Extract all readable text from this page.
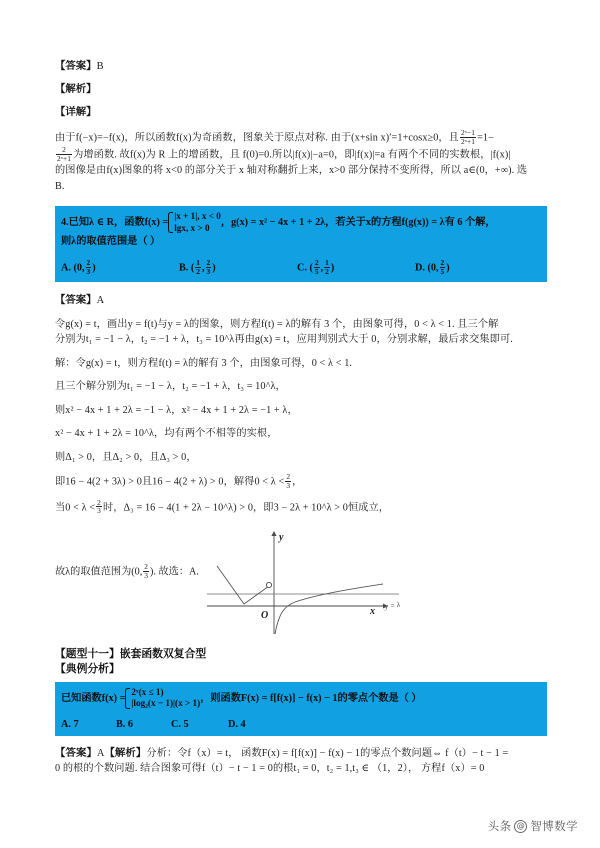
【答案】B
【解析】
【详解】
由于f(−x)=−f(x)，所以函数f(x)为奇函数，图象关于原点对称. 由于(x+sin x)′=1+cosx≥0，且 $\frac{\text{2ˣ−1}}{\text{2ˣ+1}} =1-$
$\frac{2}{\text{2ˣ+1}}$ 为增函数. 故f(x)为 R 上的增函数，且 f(0)=0.所以|f(x)|−a=0，即|f(x)|=a 有两个不同的实数根，|f(x)|
的图像是由f(x)图象的将 x<0 的部分关于 x 轴对称翻折上来，x>0 部分保持不变所得，所以 a∈(0，+∞). 选
B.
4.已知λ ∈ R，函数f(x) =
|x + 1|, x < 0
lgx, x > 0	，g(x) = x² − 4x + 1 + 2λ，若关于x的方程f(g(x)) = λ有 6 个解，
则λ的取值范围是（ ）
A. (0, $\frac{2}{3}$ )	B. ( $\frac{1}{2}$ , $\frac{2}{3}$ )	C. ( $\frac{2}{5}$ , $\frac{1}{2}$ )	D. (0, $\frac{2}{5}$ )
【答案】A
令g(x) = t，画出y = f(t)与y = λ的图象，则方程f(t) = λ的解有 3 个，由图象可得，0 < λ < 1. 且三个解
分别为t₁ = −1 − λ，t₂ = −1 + λ，t₃ = 10^λ再由g(x) = t，应用判别式大于 0，分别求解，最后求交集即可.
解：令g(x) = t，则方程f(t) = λ的解有 3 个，由图象可得，0 < λ < 1.
且三个解分别为t₁ = −1 − λ，t₂ = −1 + λ，t₃ = 10^λ，
则x² − 4x + 1 + 2λ = −1 − λ，x² − 4x + 1 + 2λ = −1 + λ，
x² − 4x + 1 + 2λ = 10^λ，均有两个不相等的实根，
则Δ₁ > 0，且Δ₂ > 0，且Δ₃ > 0，
即16 − 4(2 + 3λ) > 0且16 − 4(2 + λ) > 0，解得$0 < \lambda < \frac{2}{3}$ ，
当$0 < \lambda < \frac{2}{3}$ 时，Δ₃ = 16 − 4(1 + 2λ − 10^λ) > 0，即3 − 2λ + 10^λ > 0恒成立，
y
x
O
y = λ
【题型十一】嵌套函数双复合型
【典例分析】
已知函数f(x) =
2ˣ(x ≤ 1)
|log₂(x − 1)|(x > 1) ，则函数F(x) = f[f(x)] − f(x) − 1的零点个数是（ ）
A. 7	B. 6	C. 5	D. 4
【答案】A【解析】分析：令f（x）= t， 函数F(x) = f[f(x)] − f(x) − 1的零点个数问题⇔ f（t）− t − 1 =
0 的根的个数问题. 结合图象可得f（t）− t − 1 = 0的根t₁ = 0，t₂ = 1,t₃ ∈ （1，2）， 方程f（x）= 0
故λ的取值范围为(0, $\frac{2}{3}$ ). 故选：A.
头条 @ 智博数学
